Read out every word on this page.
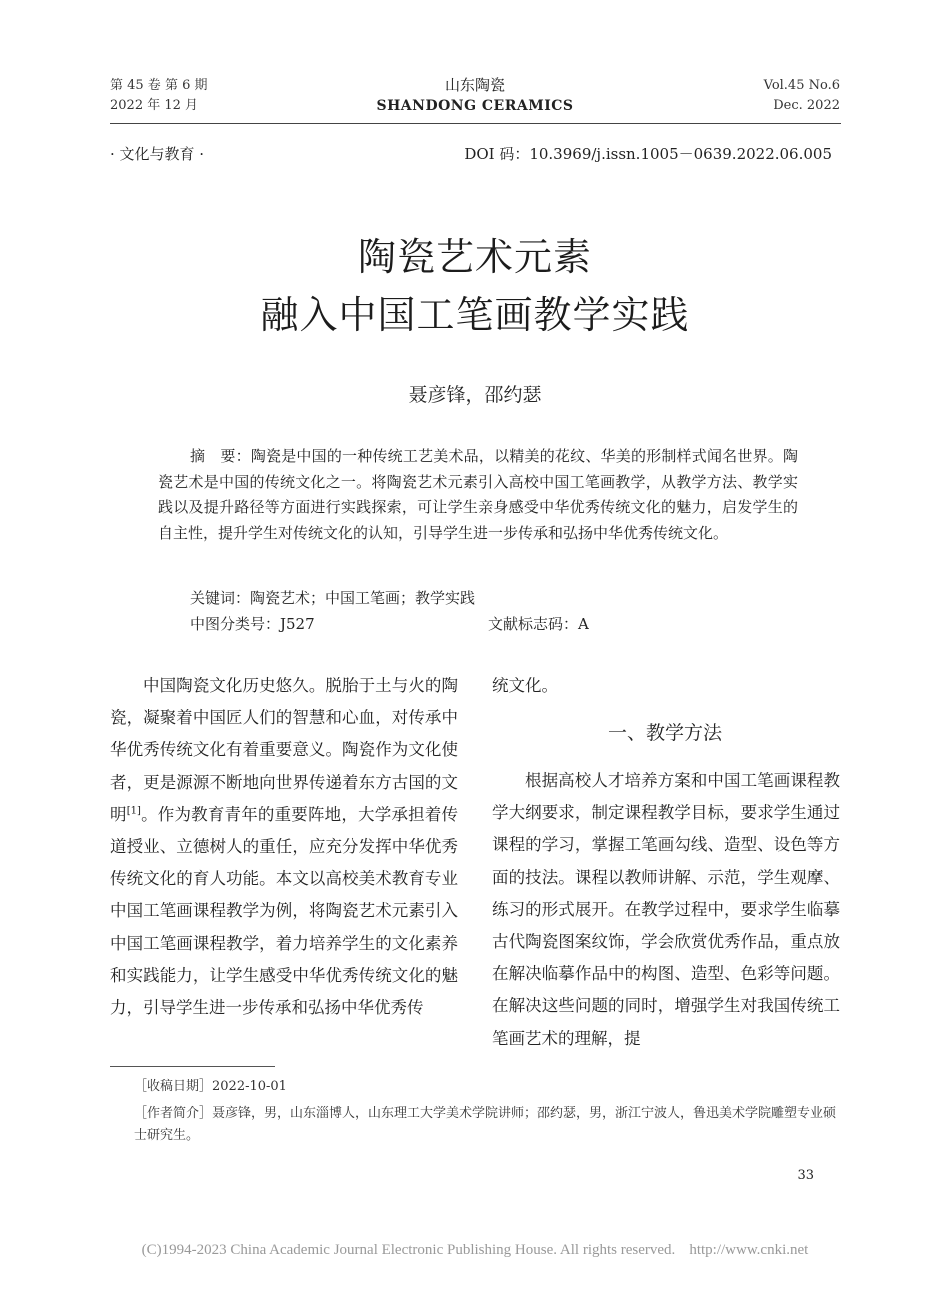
第 45 卷 第 6 期
2022 年 12 月
山东陶瓷
SHANDONG CERAMICS
Vol.45 No.6
Dec. 2022
· 文化与教育 ·	DOI 码：10.3969/j.issn.1005－0639.2022.06.005
陶瓷艺术元素
融入中国工笔画教学实践
聂彦锋，邵约瑟
摘　要：陶瓷是中国的一种传统工艺美术品，以精美的花纹、华美的形制样式闻名世界。陶瓷艺术是中国的传统文化之一。将陶瓷艺术元素引入高校中国工笔画教学，从教学方法、教学实践以及提升路径等方面进行实践探索，可让学生亲身感受中华优秀传统文化的魅力，启发学生的自主性，提升学生对传统文化的认知，引导学生进一步传承和弘扬中华优秀传统文化。
关键词：陶瓷艺术；中国工笔画；教学实践
中图分类号：J527	文献标志码：A

中国陶瓷文化历史悠久。脱胎于土与火的陶瓷，凝聚着中国匠人们的智慧和心血，对传承中华优秀传统文化有着重要意义。陶瓷作为文化使者，更是源源不断地向世界传递着东方古国的文明[1]。作为教育青年的重要阵地，大学承担着传道授业、立德树人的重任，应充分发挥中华优秀传统文化的育人功能。本文以高校美术教育专业中国工笔画课程教学为例，将陶瓷艺术元素引入中国工笔画课程教学，着力培养学生的文化素养和实践能力，让学生感受中华优秀传统文化的魅力，引导学生进一步传承和弘扬中华优秀传

统文化。

一、教学方法

根据高校人才培养方案和中国工笔画课程教学大纲要求，制定课程教学目标，要求学生通过课程的学习，掌握工笔画勾线、造型、设色等方面的技法。课程以教师讲解、示范，学生观摩、练习的形式展开。在教学过程中，要求学生临摹古代陶瓷图案纹饰，学会欣赏优秀作品，重点放在解决临摹作品中的构图、造型、色彩等问题。在解决这些问题的同时，增强学生对我国传统工笔画艺术的理解，提

［收稿日期］2022-10-01
［作者简介］聂彦锋，男，山东淄博人，山东理工大学美术学院讲师；邵约瑟，男，浙江宁波人，鲁迅美术学院雕塑专业硕士研究生。
33
(C)1994-2023 China Academic Journal Electronic Publishing House. All rights reserved. http://www.cnki.net
